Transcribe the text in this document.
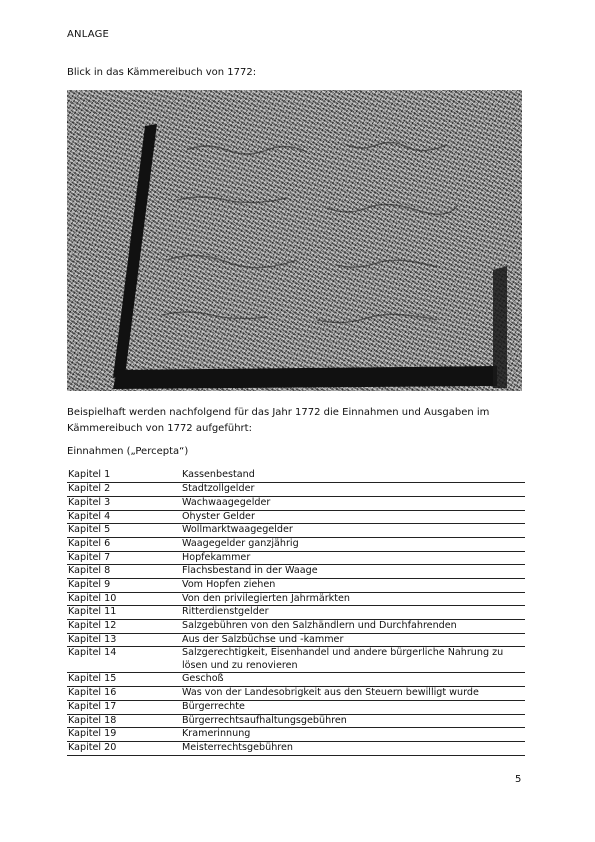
ANLAGE
Blick in das Kämmereibuch von 1772:
Beispielhaft werden nachfolgend für das Jahr 1772 die Einnahmen und Ausgaben im Kämmereibuch von 1772 aufgeführt:
Einnahmen („Percepta“)
Kapitel 1	Kassenbestand
Kapitel 2	Stadtzollgelder
Kapitel 3	Wachwaagegelder
Kapitel 4	Ohyster Gelder
Kapitel 5	Wollmarktwaagegelder
Kapitel 6	Waagegelder ganzjährig
Kapitel 7	Hopfekammer
Kapitel 8	Flachsbestand in der Waage
Kapitel 9	Vom Hopfen ziehen
Kapitel 10	Von den privilegierten Jahrmärkten
Kapitel 11	Ritterdienstgelder
Kapitel 12	Salzgebühren von den Salzhändlern und Durchfahrenden
Kapitel 13	Aus der Salzbüchse und -kammer
Kapitel 14	Salzgerechtigkeit, Eisenhandel und andere bürgerliche Nahrung zu lösen und zu renovieren
Kapitel 15	Geschoß
Kapitel 16	Was von der Landesobrigkeit aus den Steuern bewilligt wurde
Kapitel 17	Bürgerrechte
Kapitel 18	Bürgerrechtsaufhaltungsgebühren
Kapitel 19	Kramerinnung
Kapitel 20	Meisterrechtsgebühren
5
